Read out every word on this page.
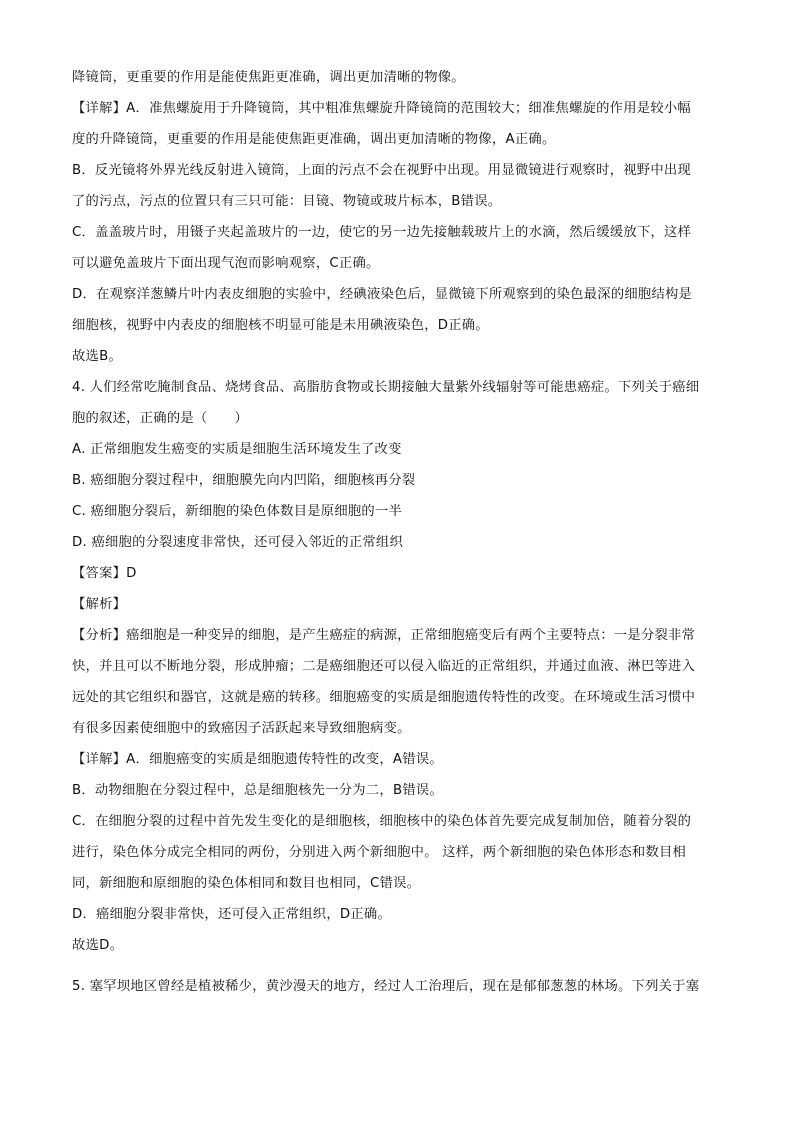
降镜筒，更重要的作用是能使焦距更准确，调出更加清晰的物像。
【详解】A．准焦螺旋用于升降镜筒，其中粗准焦螺旋升降镜筒的范围较大；细准焦螺旋的作用是较小幅
度的升降镜筒，更重要的作用是能使焦距更准确，调出更加清晰的物像，A正确。
B．反光镜将外界光线反射进入镜筒，上面的污点不会在视野中出现。用显微镜进行观察时，视野中出现
了的污点，污点的位置只有三只可能：目镜、物镜或玻片标本，B错误。
C．盖盖玻片时，用镊子夹起盖玻片的一边，使它的另一边先接触载玻片上的水滴，然后缓缓放下，这样
可以避免盖玻片下面出现气泡而影响观察，C正确。
D．在观察洋葱鳞片叶内表皮细胞的实验中，经碘液染色后，显微镜下所观察到的染色最深的细胞结构是
细胞核，视野中内表皮的细胞核不明显可能是未用碘液染色，D正确。
故选B。
4. 人们经常吃腌制食品、烧烤食品、高脂肪食物或长期接触大量紫外线辐射等可能患癌症。下列关于癌细
胞的叙述，正确的是（　　）
A. 正常细胞发生癌变的实质是细胞生活环境发生了改变
B. 癌细胞分裂过程中，细胞膜先向内凹陷，细胞核再分裂
C. 癌细胞分裂后，新细胞的染色体数目是原细胞的一半
D. 癌细胞的分裂速度非常快，还可侵入邻近的正常组织
【答案】D
【解析】
【分析】癌细胞是一种变异的细胞，是产生癌症的病源，正常细胞癌变后有两个主要特点：一是分裂非常
快，并且可以不断地分裂，形成肿瘤；二是癌细胞还可以侵入临近的正常组织，并通过血液、淋巴等进入
远处的其它组织和器官，这就是癌的转移。细胞癌变的实质是细胞遗传特性的改变。在环境或生活习惯中
有很多因素使细胞中的致癌因子活跃起来导致细胞病变。
【详解】A．细胞癌变的实质是细胞遗传特性的改变，A错误。
B．动物细胞在分裂过程中，总是细胞核先一分为二，B错误。
C．在细胞分裂的过程中首先发生变化的是细胞核，细胞核中的染色体首先要完成复制加倍，随着分裂的
进行，染色体分成完全相同的两份，分别进入两个新细胞中。 这样，两个新细胞的染色体形态和数目相
同，新细胞和原细胞的染色体相同和数目也相同，C错误。
D．癌细胞分裂非常快，还可侵入正常组织，D正确。
故选D。
5. 塞罕坝地区曾经是植被稀少，黄沙漫天的地方，经过人工治理后，现在是郁郁葱葱的林场。下列关于塞
